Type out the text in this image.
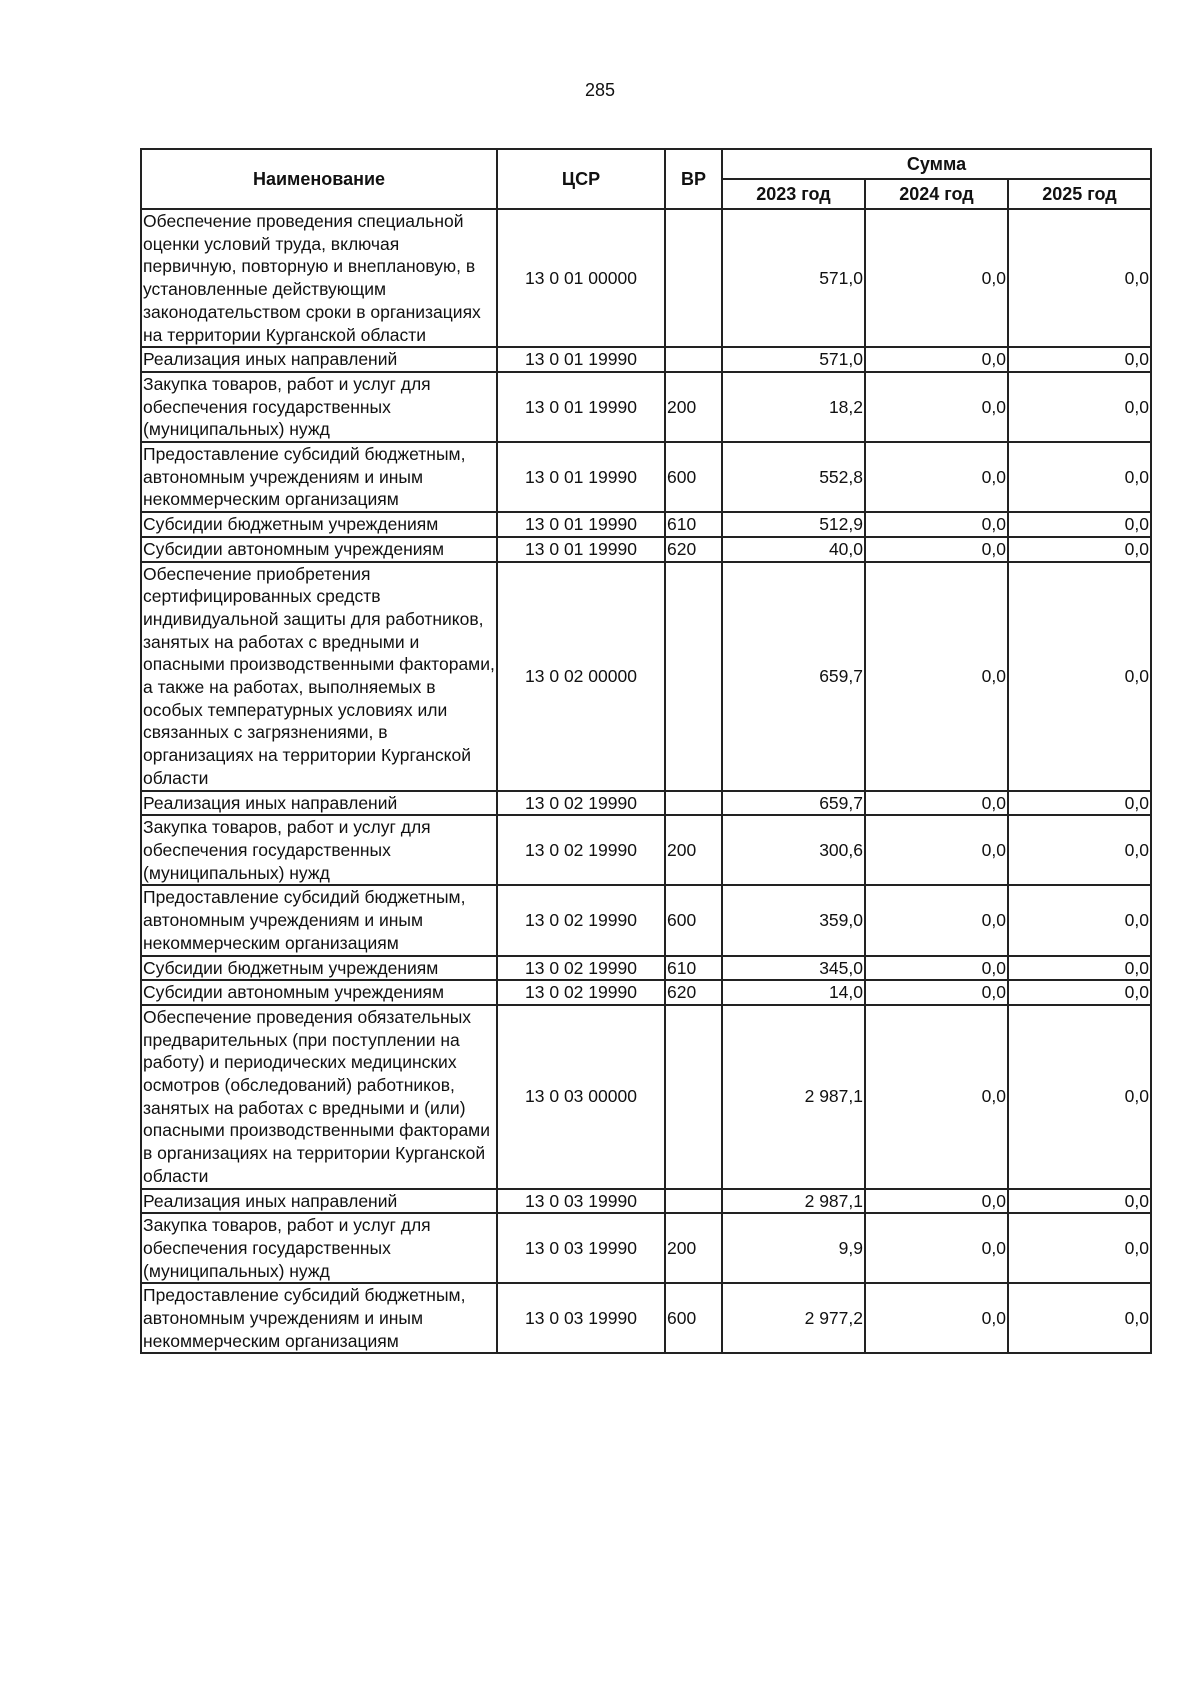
285
Наименование	ЦСР	ВР	Сумма		
			2023 год	2024 год	2025 год
Обеспечение проведения специальной оценки условий труда, включая первичную, повторную и внеплановую, в установленные действующим законодательством сроки в организациях на территории Курганской области	13 0 01 00000		571,0	0,0	0,0
Реализация иных направлений	13 0 01 19990		571,0	0,0	0,0
Закупка товаров, работ и услуг для обеспечения государственных (муниципальных) нужд	13 0 01 19990	200	18,2	0,0	0,0
Предоставление субсидий бюджетным, автономным учреждениям и иным некоммерческим организациям	13 0 01 19990	600	552,8	0,0	0,0
Субсидии бюджетным учреждениям	13 0 01 19990	610	512,9	0,0	0,0
Субсидии автономным учреждениям	13 0 01 19990	620	40,0	0,0	0,0
Обеспечение приобретения сертифицированных средств индивидуальной защиты для работников, занятых на работах с вредными и опасными производственными факторами, а также на работах, выполняемых в особых температурных условиях или связанных с загрязнениями, в организациях на территории Курганской области	13 0 02 00000		659,7	0,0	0,0
Реализация иных направлений	13 0 02 19990		659,7	0,0	0,0
Закупка товаров, работ и услуг для обеспечения государственных (муниципальных) нужд	13 0 02 19990	200	300,6	0,0	0,0
Предоставление субсидий бюджетным, автономным учреждениям и иным некоммерческим организациям	13 0 02 19990	600	359,0	0,0	0,0
Субсидии бюджетным учреждениям	13 0 02 19990	610	345,0	0,0	0,0
Субсидии автономным учреждениям	13 0 02 19990	620	14,0	0,0	0,0
Обеспечение проведения обязательных предварительных (при поступлении на работу) и периодических медицинских осмотров (обследований) работников, занятых на работах с вредными и (или) опасными производственными факторами в организациях на территории Курганской области	13 0 03 00000		2 987,1	0,0	0,0
Реализация иных направлений	13 0 03 19990		2 987,1	0,0	0,0
Закупка товаров, работ и услуг для обеспечения государственных (муниципальных) нужд	13 0 03 19990	200	9,9	0,0	0,0
Предоставление субсидий бюджетным, автономным учреждениям и иным некоммерческим организациям	13 0 03 19990	600	2 977,2	0,0	0,0
